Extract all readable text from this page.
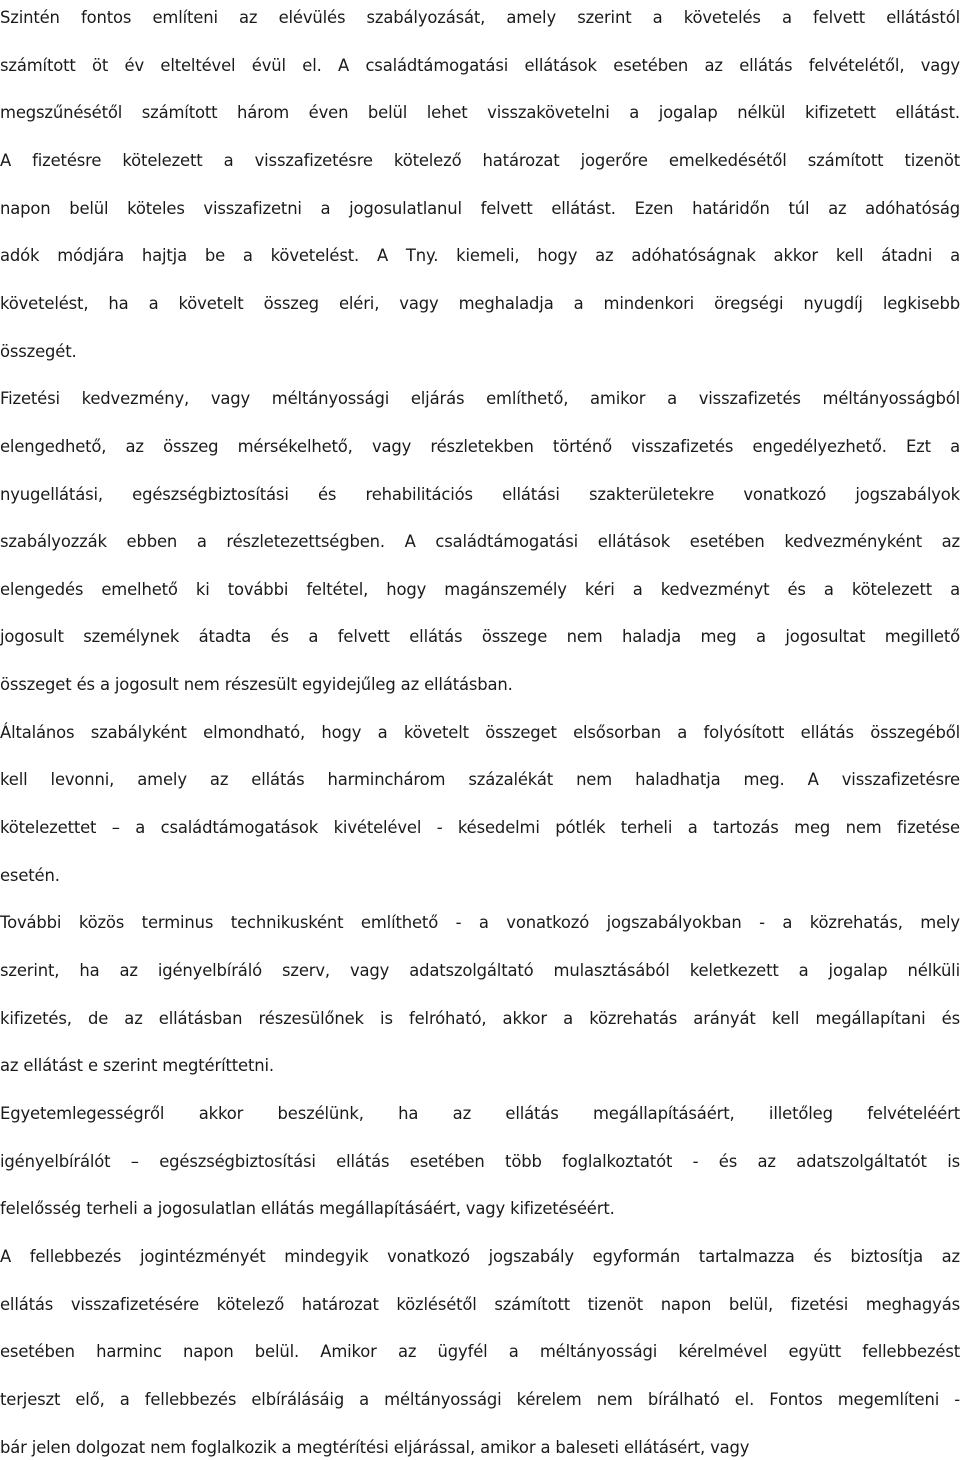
Szintén fontos említeni az elévülés szabályozását, amely szerint a követelés a felvett ellátástól
számított öt év elteltével évül el. A családtámogatási ellátások esetében az ellátás felvételétől, vagy
megszűnésétől számított három éven belül lehet visszakövetelni a jogalap nélkül kifizetett ellátást.
A fizetésre kötelezett a visszafizetésre kötelező határozat jogerőre emelkedésétől számított tizenöt
napon belül köteles visszafizetni a jogosulatlanul felvett ellátást. Ezen határidőn túl az adóhatóság
adók módjára hajtja be a követelést. A Tny. kiemeli, hogy az adóhatóságnak akkor kell átadni a
követelést, ha a követelt összeg eléri, vagy meghaladja a mindenkori öregségi nyugdíj legkisebb
összegét.
Fizetési kedvezmény, vagy méltányossági eljárás említhető, amikor a visszafizetés méltányosságból
elengedhető, az összeg mérsékelhető, vagy részletekben történő visszafizetés engedélyezhető. Ezt a
nyugellátási, egészségbiztosítási és rehabilitációs ellátási szakterületekre vonatkozó jogszabályok
szabályozzák ebben a részletezettségben. A családtámogatási ellátások esetében kedvezményként az
elengedés emelhető ki további feltétel, hogy magánszemély kéri a kedvezményt és a kötelezett a
jogosult személynek átadta és a felvett ellátás összege nem haladja meg a jogosultat megillető
összeget és a jogosult nem részesült egyidejűleg az ellátásban.
Általános szabályként elmondható, hogy a követelt összeget elsősorban a folyósított ellátás összegéből
kell levonni, amely az ellátás harminchárom százalékát nem haladhatja meg. A visszafizetésre
kötelezettet – a családtámogatások kivételével - késedelmi pótlék terheli a tartozás meg nem fizetése
esetén.
További közös terminus technikusként említhető - a vonatkozó jogszabályokban - a közrehatás, mely
szerint, ha az igényelbíráló szerv, vagy adatszolgáltató mulasztásából keletkezett a jogalap nélküli
kifizetés, de az ellátásban részesülőnek is felróható, akkor a közrehatás arányát kell megállapítani és
az ellátást e szerint megtéríttetni.
Egyetemlegességről akkor beszélünk, ha az ellátás megállapításáért, illetőleg felvételéért
igényelbírálót – egészségbiztosítási ellátás esetében több foglalkoztatót - és az adatszolgáltatót is
felelősség terheli a jogosulatlan ellátás megállapításáért, vagy kifizetéséért.
A fellebbezés jogintézményét mindegyik vonatkozó jogszabály egyformán tartalmazza és biztosítja az
ellátás visszafizetésére kötelező határozat közlésétől számított tizenöt napon belül, fizetési meghagyás
esetében harminc napon belül. Amikor az ügyfél a méltányossági kérelmével együtt fellebbezést
terjeszt elő, a fellebbezés elbírálásáig a méltányossági kérelem nem bírálható el. Fontos megemlíteni -
bár jelen dolgozat nem foglalkozik a megtérítési eljárással, amikor a baleseti ellátásért, vagy
